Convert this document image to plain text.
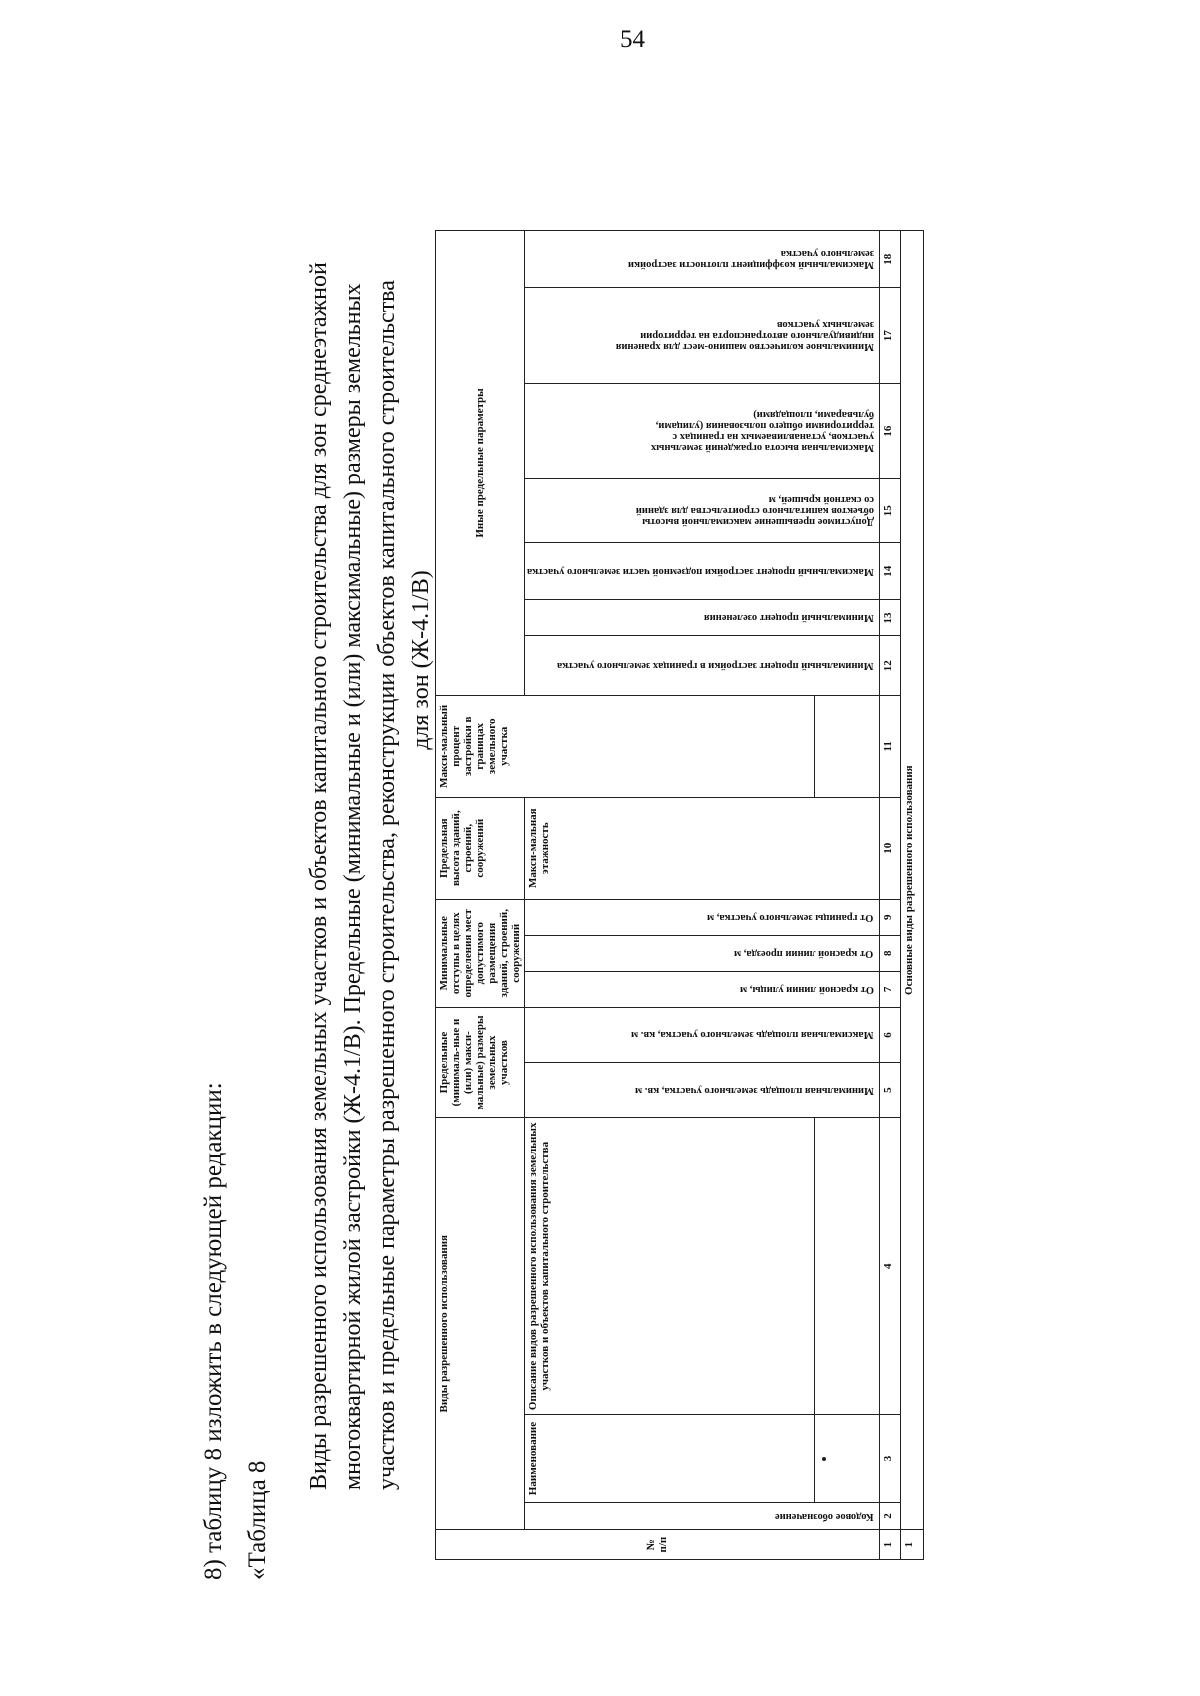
54
8) таблицу 8 изложить в следующей редакции: «Таблица 8
Виды разрешенного использования земельных участков и объектов капитального строительства для зон среднеэтажной многоквартирной жилой застройки (Ж-4.1/В). Предельные (минимальные и (или) максимальные) размеры земельных участков и предельные параметры разрешенного строительства, реконструкции объектов капитального строительства для зон (Ж-4.1/В)
№ п/п	Виды разрешенного использования			Предельные (минималь-ные и (или) макси-мальные) размеры земельных участков		Минимальные отступы в целях определения мест допустимого размещения зданий, строений, сооружений			Предельная высота зданий, строений, сооружений	Макси-мальный процент застройки в границах земельного участка	Иные предельные параметры						
	Кодовое обозначение	Наименование	Описание видов разрешенного использования земельных участков и объектов капитального строительства	Минимальная площадь земельного участка, кв. м	Максимальная площадь земельного участка, кв. м	От красной линии улицы, м	От красной линии проезда, м	От границы земельного участка, м	Макси-мальная этажность		Минимальный процент застройки в границах земельного участка	Минимальный процент озеленения	Максимальный процент застройки подземной части земельного участка	Допустимое превышение максимальной высоты объектов капитального строительства для зданий со скатной крышей, м	Максимальная высота ограждений земельных участков, устанавливаемых на границах с территориями общего пользования (улицами, бульварами, площадями)	Минимальное количество машино-мест для хранения индивидуального автотранспорта на территории земельных участков	Максимальный коэффициент плотности застройки земельного участка

1	2	3	4	5	6	7	8	9	10	11	12	13	14	15	16	17	18
1	Основные виды разрешенного использования																
